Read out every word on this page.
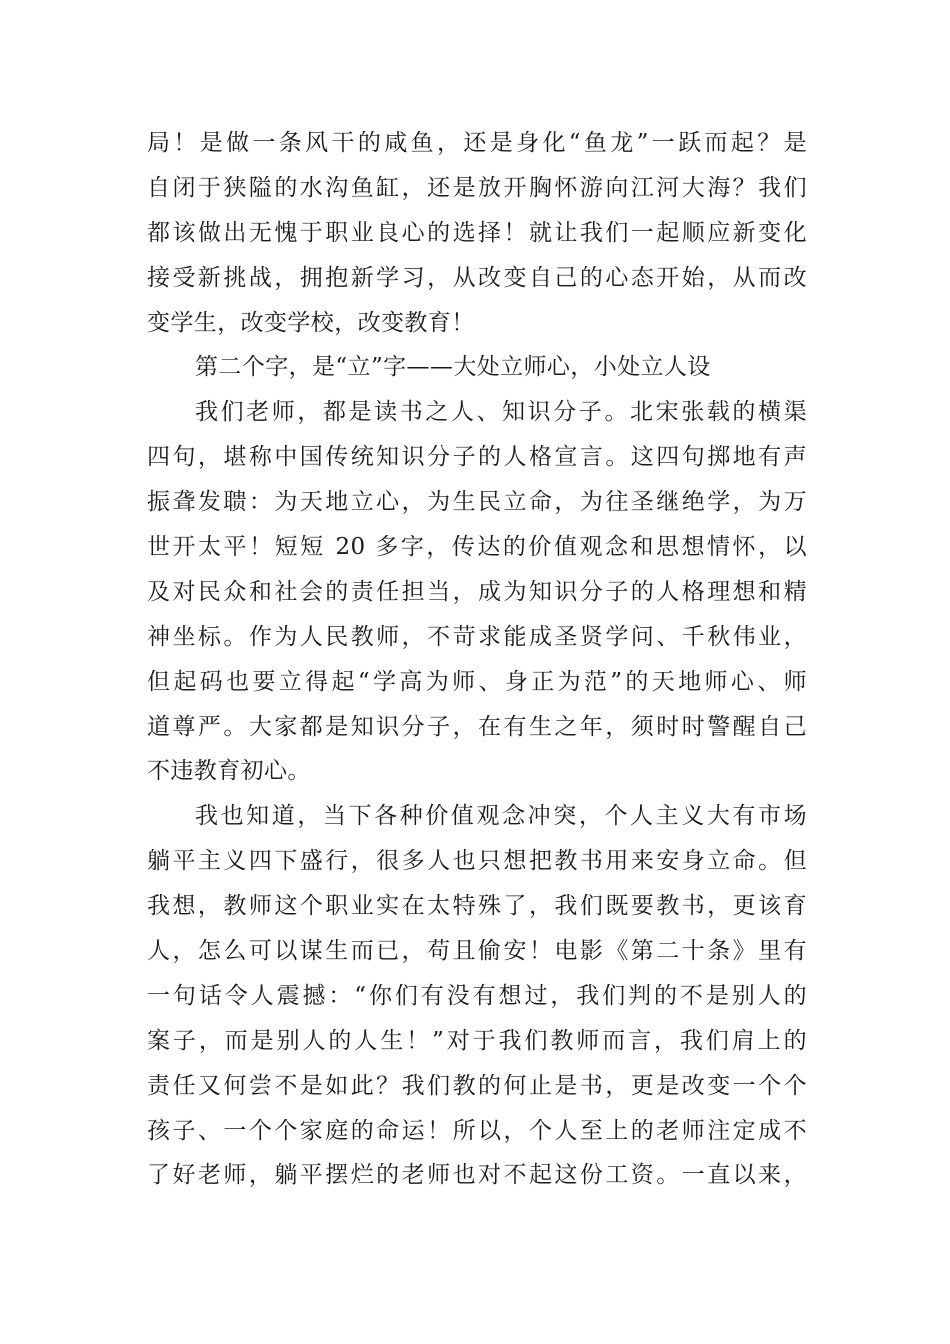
局！是做一条风干的咸鱼，还是身化“鱼龙”一跃而起？是
自闭于狭隘的水沟鱼缸，还是放开胸怀游向江河大海？我们
都该做出无愧于职业良心的选择！就让我们一起顺应新变化
接受新挑战，拥抱新学习，从改变自己的心态开始，从而改
变学生，改变学校，改变教育！
第二个字，是“立”字——大处立师心，小处立人设
我们老师，都是读书之人、知识分子。北宋张载的横渠
四句，堪称中国传统知识分子的人格宣言。这四句掷地有声
振聋发聩：为天地立心，为生民立命，为往圣继绝学，为万
世开太平！短短 20 多字，传达的价值观念和思想情怀，以
及对民众和社会的责任担当，成为知识分子的人格理想和精
神坐标。作为人民教师，不苛求能成圣贤学问、千秋伟业，
但起码也要立得起“学高为师、身正为范”的天地师心、师
道尊严。大家都是知识分子，在有生之年，须时时警醒自己
不违教育初心。
我也知道，当下各种价值观念冲突，个人主义大有市场
躺平主义四下盛行，很多人也只想把教书用来安身立命。但
我想，教师这个职业实在太特殊了，我们既要教书，更该育
人，怎么可以谋生而已，苟且偷安！电影《第二十条》里有
一句话令人震撼：“你们有没有想过，我们判的不是别人的
案子，而是别人的人生！”对于我们教师而言，我们肩上的
责任又何尝不是如此？我们教的何止是书，更是改变一个个
孩子、一个个家庭的命运！所以，个人至上的老师注定成不
了好老师，躺平摆烂的老师也对不起这份工资。一直以来，
